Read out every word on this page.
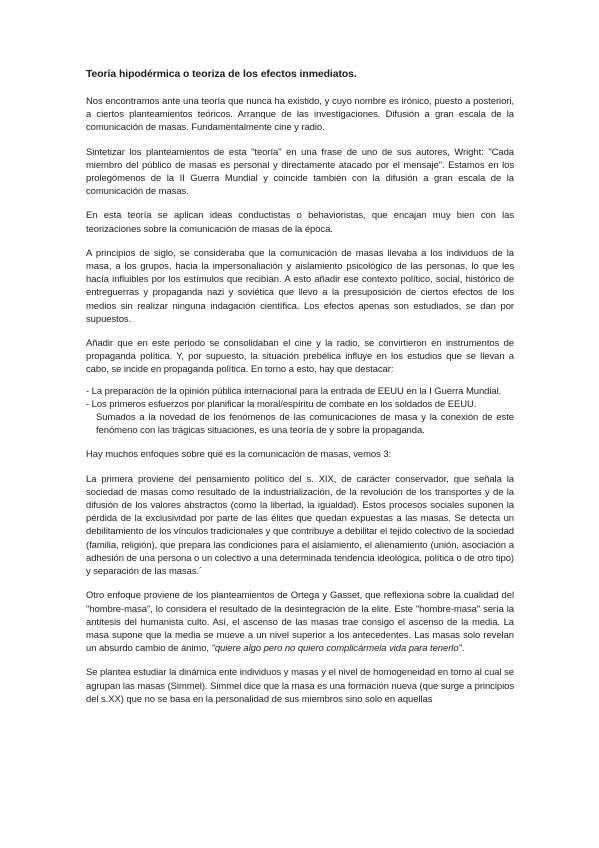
Teoría hipodérmica o teoriza de los efectos inmediatos.

Nos encontramos ante una teoría que nunca ha existido, y cuyo nombre es irónico, puesto a posteriori, a ciertos planteamientos teóricos. Arranque de las investigaciones. Difusión a gran escala de la comunicación de masas. Fundamentalmente cine y radio.

Sintetizar los planteamientos de esta "teoría" en una frase de uno de sus autores, Wright: "Cada miembro del público de masas es personal y directamente atacado por el mensaje". Estamos en los prolegómenos de la II Guerra Mundial y coincide también con la difusión a gran escala de la comunicación de masas.

En esta teoría se aplican ideas conductistas o behavioristas, que encajan muy bien con las teorizaciones sobre la comunicación de masas de la época.

A principios de siglo, se consideraba que la comunicación de masas llevaba a los individuos de la masa, a los grupos, hacia la impersonaliación y aislamiento psicológico de las personas, lo que les hacía influibles por los estímulos que recibían. A esto añadir ese contexto político, social, histórico de entreguerras y propaganda nazi y soviética que llevo a la presuposición de ciertos efectos de los medios sin realizar ninguna indagación científica. Los efectos apenas son estudiados, se dan por supuestos.

Añadir que en este periodo se consolidaban el cine y la radio, se convirtieron en instrumentos de propaganda política. Y, por supuesto, la situación prebélica influye en los estudios que se llevan a cabo, se incide en propaganda política. En torno a esto, hay que destacar:

- La preparación de la opinión pública internacional para la entrada de EEUU en la I Guerra Mundial.
- Los primeros esfuerzos por planificar la moral/espíritu de combate en los soldados de EEUU.
Sumados a la novedad de los fenómenos de las comunicaciones de masa y la conexión de este fenómeno con las trágicas situaciones, es una teoría de y sobre la propaganda.

Hay muchos enfoques sobre qué es la comunicación de masas, vemos 3:

La primera proviene del pensamiento político del s. XIX, de carácter conservador, que señala la sociedad de masas como resultado de la industrialización, de la revolución de los transportes y de la difusión de los valores abstractos (como la libertad, la igualdad). Estos procesos sociales suponen la pérdida de la exclusividad por parte de las élites que quedan expuestas a las masas. Se detecta un debilitamiento de los vínculos tradicionales y que contribuye a debilitar el tejido colectivo de la sociedad (familia, religión), que prepara las condiciones para el aislamiento, el alienamiento (unión, asociación a adhesión de una persona o un colectivo a una determinada tendencia ideológica, política o de otro tipo) y separación de las masas.´

Otro enfoque proviene de los planteamientos de Ortega y Gasset, que reflexiona sobre la cualidad del "hombre-masa", lo considera el resultado de la desintegración de la elite. Este "hombre-masa" sería la antítesis del humanista culto. Así, el ascenso de las masas trae consigo el ascenso de la media. La masa supone que la media se mueve a un nivel superior a los antecedentes. Las masas solo revelan un absurdo cambio de ánimo, "quiere algo pero no quiero complicármela vida para tenerlo".

Se plantea estudiar la dinámica ente individuos y masas y el nivel de homogeneidad en torno al cual se agrupan las masas (Simmel). Simmel dice que la masa es una formación nueva (que surge a principios del s.XX) que no se basa en la personalidad de sus miembros sino solo en aquellas
